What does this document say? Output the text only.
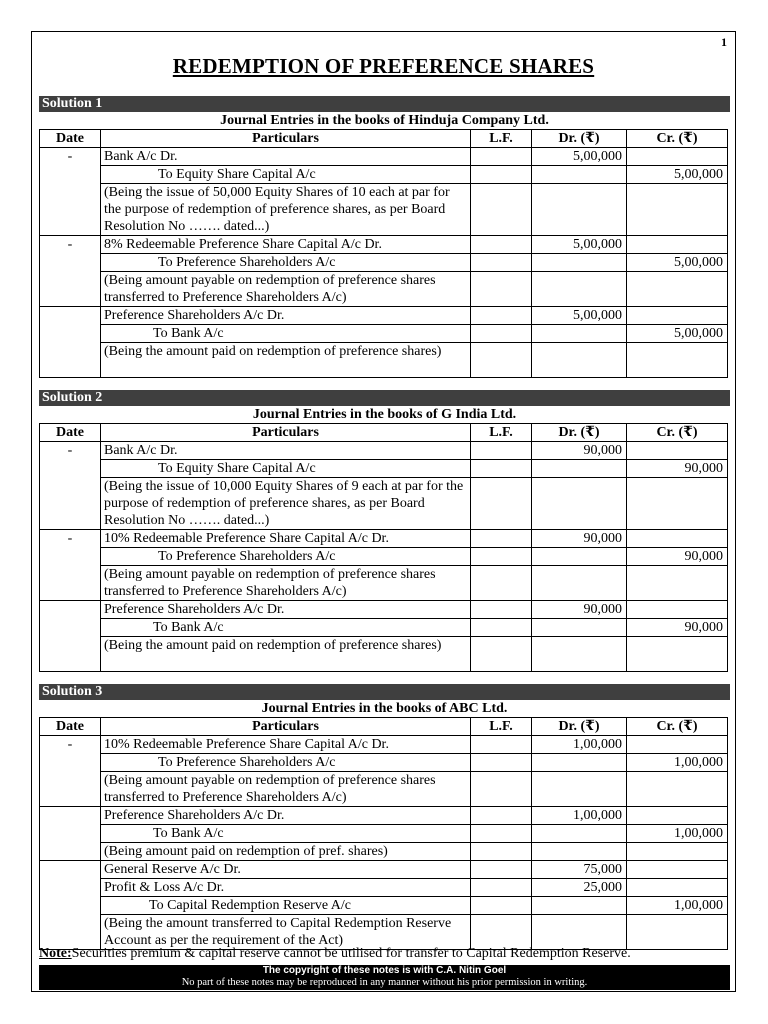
1
REDEMPTION OF PREFERENCE SHARES
Solution 1
Journal Entries in the books of Hinduja Company Ltd.
Date	Particulars	L.F.	Dr. (₹)	Cr. (₹)
-	Bank A/c Dr.		5,00,000	
	To Equity Share Capital A/c			5,00,000
	(Being the issue of 50,000 Equity Shares of 10 each at par for the purpose of redemption of preference shares, as per Board Resolution No ……. dated...)			
-	8% Redeemable Preference Share Capital A/c Dr.		5,00,000	
	To Preference Shareholders A/c			5,00,000
	(Being amount payable on redemption of preference shares transferred to Preference Shareholders A/c)			
	Preference Shareholders A/c Dr.		5,00,000	
	To Bank A/c			5,00,000
	(Being the amount paid on redemption of preference shares)			
Solution 2
Journal Entries in the books of G India Ltd.
Date	Particulars	L.F.	Dr. (₹)	Cr. (₹)
-	Bank A/c Dr.		90,000	
	To Equity Share Capital A/c			90,000
	(Being the issue of 10,000 Equity Shares of 9 each at par for the purpose of redemption of preference shares, as per Board Resolution No ……. dated...)			
-	10% Redeemable Preference Share Capital A/c Dr.		90,000	
	To Preference Shareholders A/c			90,000
	(Being amount payable on redemption of preference shares transferred to Preference Shareholders A/c)			
	Preference Shareholders A/c Dr.		90,000	
	To Bank A/c			90,000
	(Being the amount paid on redemption of preference shares)			
Solution 3
Journal Entries in the books of ABC Ltd.
Date	Particulars	L.F.	Dr. (₹)	Cr. (₹)
-	10% Redeemable Preference Share Capital A/c Dr.		1,00,000	
	To Preference Shareholders A/c			1,00,000
	(Being amount payable on redemption of preference shares transferred to Preference Shareholders A/c)			
	Preference Shareholders A/c Dr.		1,00,000	
	To Bank A/c			1,00,000
	(Being amount paid on redemption of pref. shares)			
	General Reserve A/c Dr.		75,000	
	Profit & Loss A/c Dr.		25,000	
	To Capital Redemption Reserve A/c			1,00,000
	(Being the amount transferred to Capital Redemption Reserve Account as per the requirement of the Act)			
Note:Securities premium & capital reserve cannot be utilised for transfer to Capital Redemption Reserve.
The copyright of these notes is with C.A. Nitin Goel
No part of these notes may be reproduced in any manner without his prior permission in writing.
